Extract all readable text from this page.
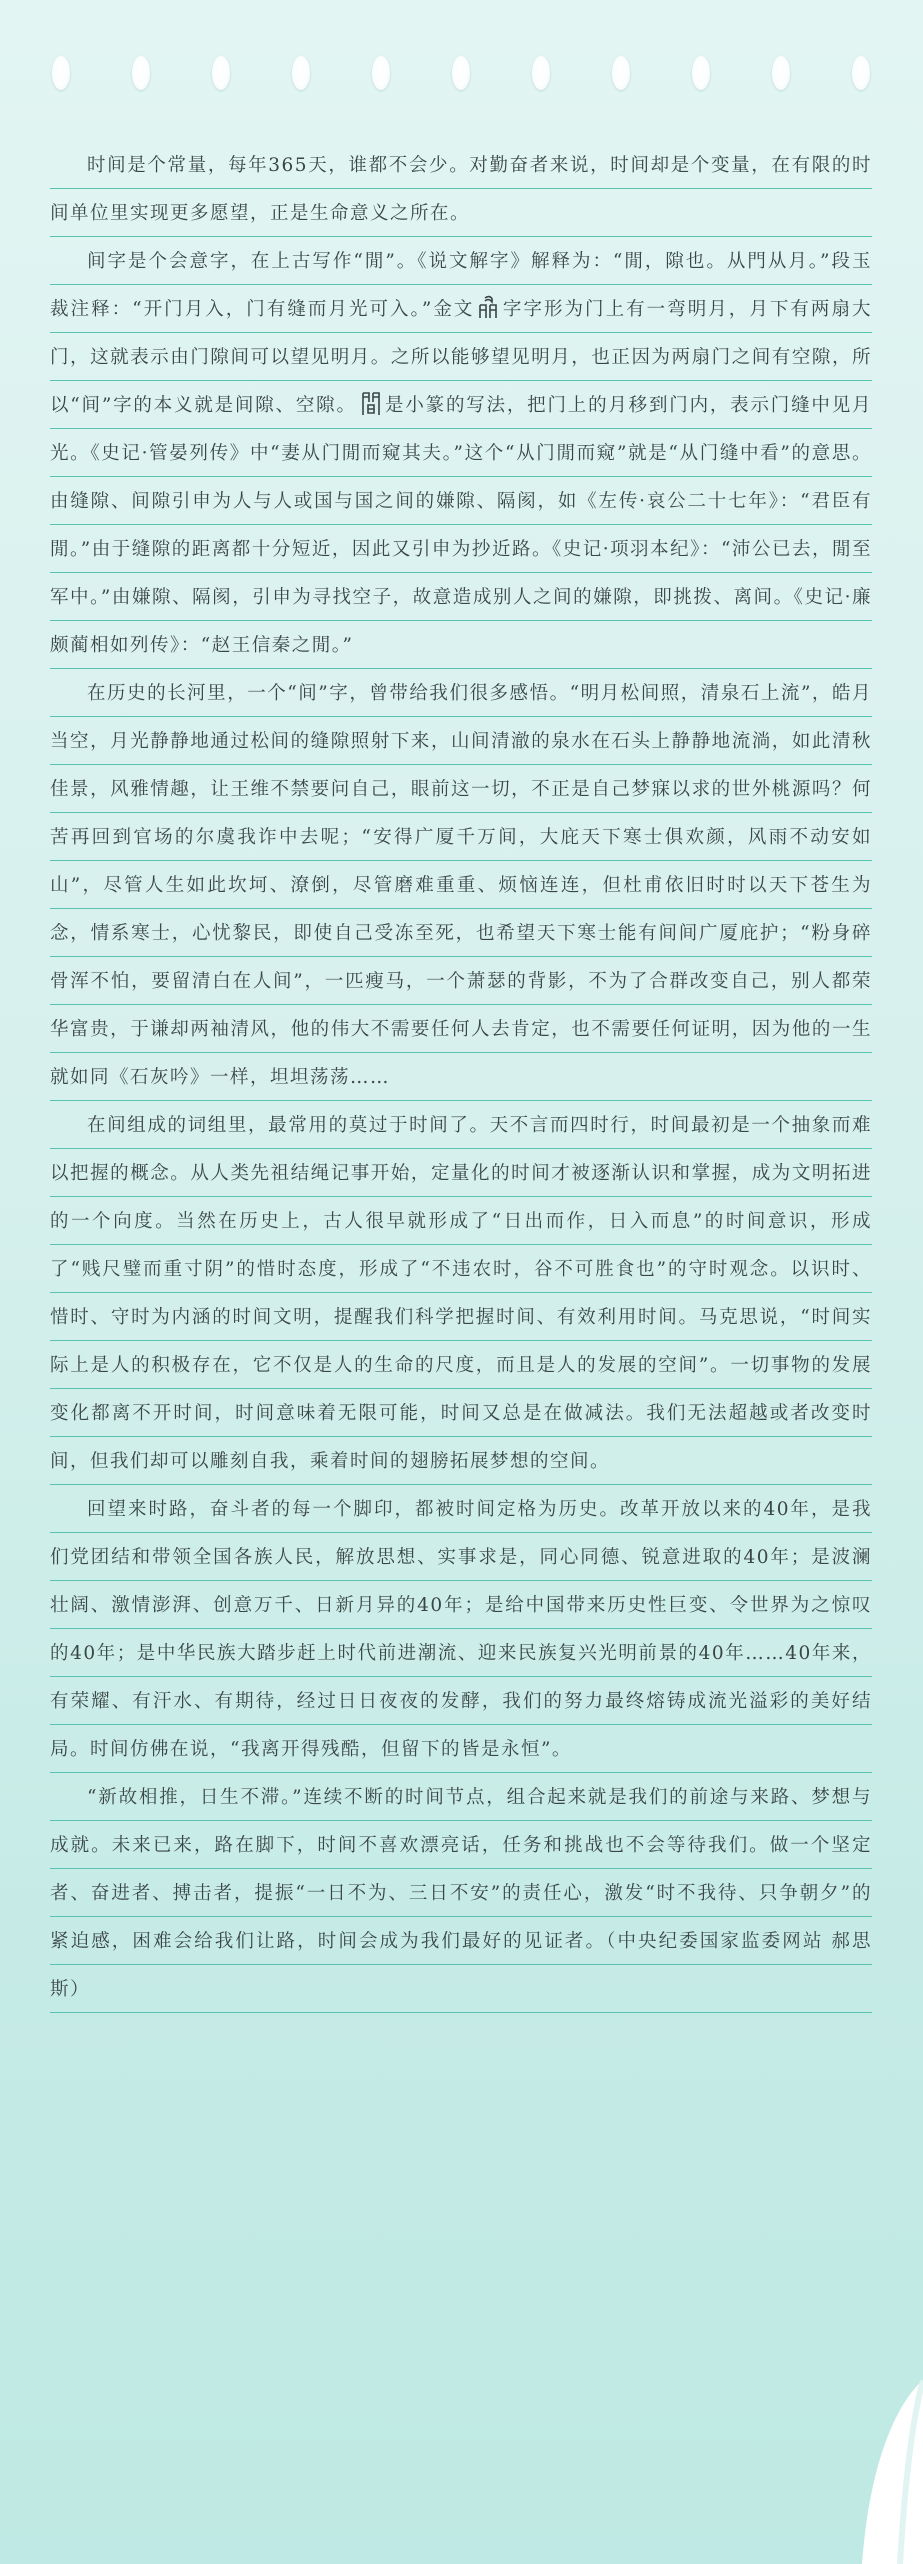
时间是个常量，每年365天，谁都不会少。对勤奋者来说，时间却是个变量，在有限的时间单位里实现更多愿望，正是生命意义之所在。

间字是个会意字，在上古写作“閒”。《说文解字》解释为：“閒，隙也。从門从月。”段玉裁注释：“开门月入，门有缝而月光可入。”金文 字字形为门上有一弯明月，月下有两扇大门，这就表示由门隙间可以望见明月。之所以能够望见明月，也正因为两扇门之间有空隙，所以“间”字的本义就是间隙、空隙。 是小篆的写法，把门上的月移到门内，表示门缝中见月光。《史记·管晏列传》中“妻从门閒而窥其夫。”这个“从门閒而窥”就是“从门缝中看”的意思。由缝隙、间隙引申为人与人或国与国之间的嫌隙、隔阂，如《左传·哀公二十七年》：“君臣有閒。”由于缝隙的距离都十分短近，因此又引申为抄近路。《史记·项羽本纪》：“沛公已去，閒至军中。”由嫌隙、隔阂，引申为寻找空子，故意造成别人之间的嫌隙，即挑拨、离间。《史记·廉颇蔺相如列传》：“赵王信秦之閒。”

在历史的长河里，一个“间”字，曾带给我们很多感悟。“明月松间照，清泉石上流”，皓月当空，月光静静地通过松间的缝隙照射下来，山间清澈的泉水在石头上静静地流淌，如此清秋佳景，风雅情趣，让王维不禁要问自己，眼前这一切，不正是自己梦寐以求的世外桃源吗？何苦再回到官场的尔虞我诈中去呢；“安得广厦千万间，大庇天下寒士俱欢颜，风雨不动安如山”，尽管人生如此坎坷、潦倒，尽管磨难重重、烦恼连连，但杜甫依旧时时以天下苍生为念，情系寒士，心忧黎民，即使自己受冻至死，也希望天下寒士能有间间广厦庇护；“粉身碎骨浑不怕，要留清白在人间”，一匹瘦马，一个萧瑟的背影，不为了合群改变自己，别人都荣华富贵，于谦却两袖清风，他的伟大不需要任何人去肯定，也不需要任何证明，因为他的一生就如同《石灰吟》一样，坦坦荡荡……

在间组成的词组里，最常用的莫过于时间了。天不言而四时行，时间最初是一个抽象而难以把握的概念。从人类先祖结绳记事开始，定量化的时间才被逐渐认识和掌握，成为文明拓进的一个向度。当然在历史上，古人很早就形成了“日出而作，日入而息”的时间意识，形成了“贱尺璧而重寸阴”的惜时态度，形成了“不违农时，谷不可胜食也”的守时观念。以识时、惜时、守时为内涵的时间文明，提醒我们科学把握时间、有效利用时间。马克思说，“时间实际上是人的积极存在，它不仅是人的生命的尺度，而且是人的发展的空间”。一切事物的发展变化都离不开时间，时间意味着无限可能，时间又总是在做减法。我们无法超越或者改变时间，但我们却可以雕刻自我，乘着时间的翅膀拓展梦想的空间。

回望来时路，奋斗者的每一个脚印，都被时间定格为历史。改革开放以来的40年，是我们党团结和带领全国各族人民，解放思想、实事求是，同心同德、锐意进取的40年；是波澜壮阔、激情澎湃、创意万千、日新月异的40年；是给中国带来历史性巨变、令世界为之惊叹的40年；是中华民族大踏步赶上时代前进潮流、迎来民族复兴光明前景的40年……40年来，有荣耀、有汗水、有期待，经过日日夜夜的发酵，我们的努力最终熔铸成流光溢彩的美好结局。时间仿佛在说，“我离开得残酷，但留下的皆是永恒”。

“新故相推，日生不滞。”连续不断的时间节点，组合起来就是我们的前途与来路、梦想与成就。未来已来，路在脚下，时间不喜欢漂亮话，任务和挑战也不会等待我们。做一个坚定者、奋进者、搏击者，提振“一日不为、三日不安”的责任心，激发“时不我待、只争朝夕”的紧迫感，困难会给我们让路，时间会成为我们最好的见证者。（中央纪委国家监委网站 郝思斯）
